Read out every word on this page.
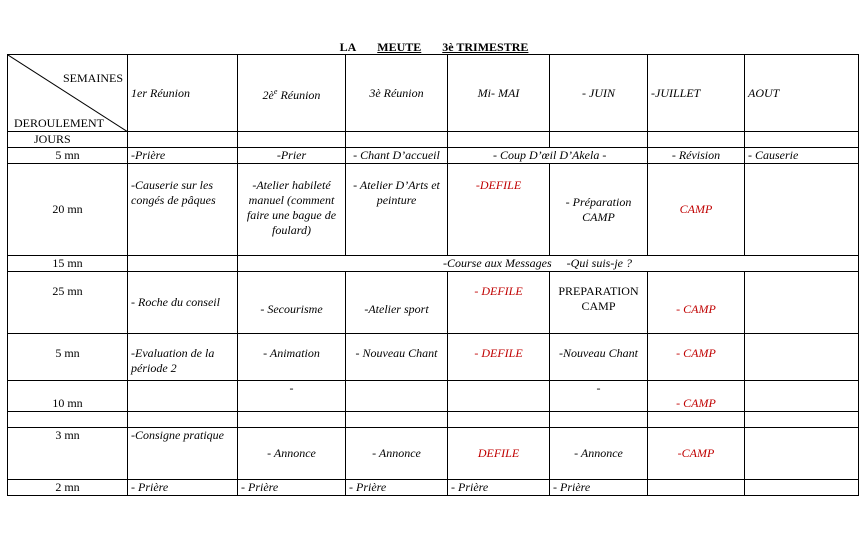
LA MEUTE 3è TRIMESTRE
SEMAINES
DEROULEMENT	1er Réunion	$2è^e$ Réunion	3è Réunion	Mi- MAI	- JUIN	-JUILLET	AOUT
JOURS							
5 mn	-Prière	-Prier	- Chant D’accueil	- Coup D’œil D’Akela -		- Révision	- Causerie
20 mn	-Causerie sur les congés de pâques	-Atelier habileté manuel (comment faire une bague de foulard)	- Atelier D’Arts et peinture	-DEFILE	- Préparation CAMP	CAMP	
15 mn		-Course aux Messages     -Qui suis-je ?					
25 mn	- Roche du conseil	- Secourisme	-Atelier sport	- DEFILE	PREPARATION CAMP	- CAMP	
5 mn	-Evaluation de la période 2	- Animation	- Nouveau Chant	- DEFILE	-Nouveau Chant	- CAMP	
10 mn		-			-	- CAMP	

3 mn	-Consigne pratique	- Annonce	- Annonce	DEFILE	- Annonce	-CAMP	
2 mn	- Prière	- Prière	- Prière	- Prière	- Prière		
